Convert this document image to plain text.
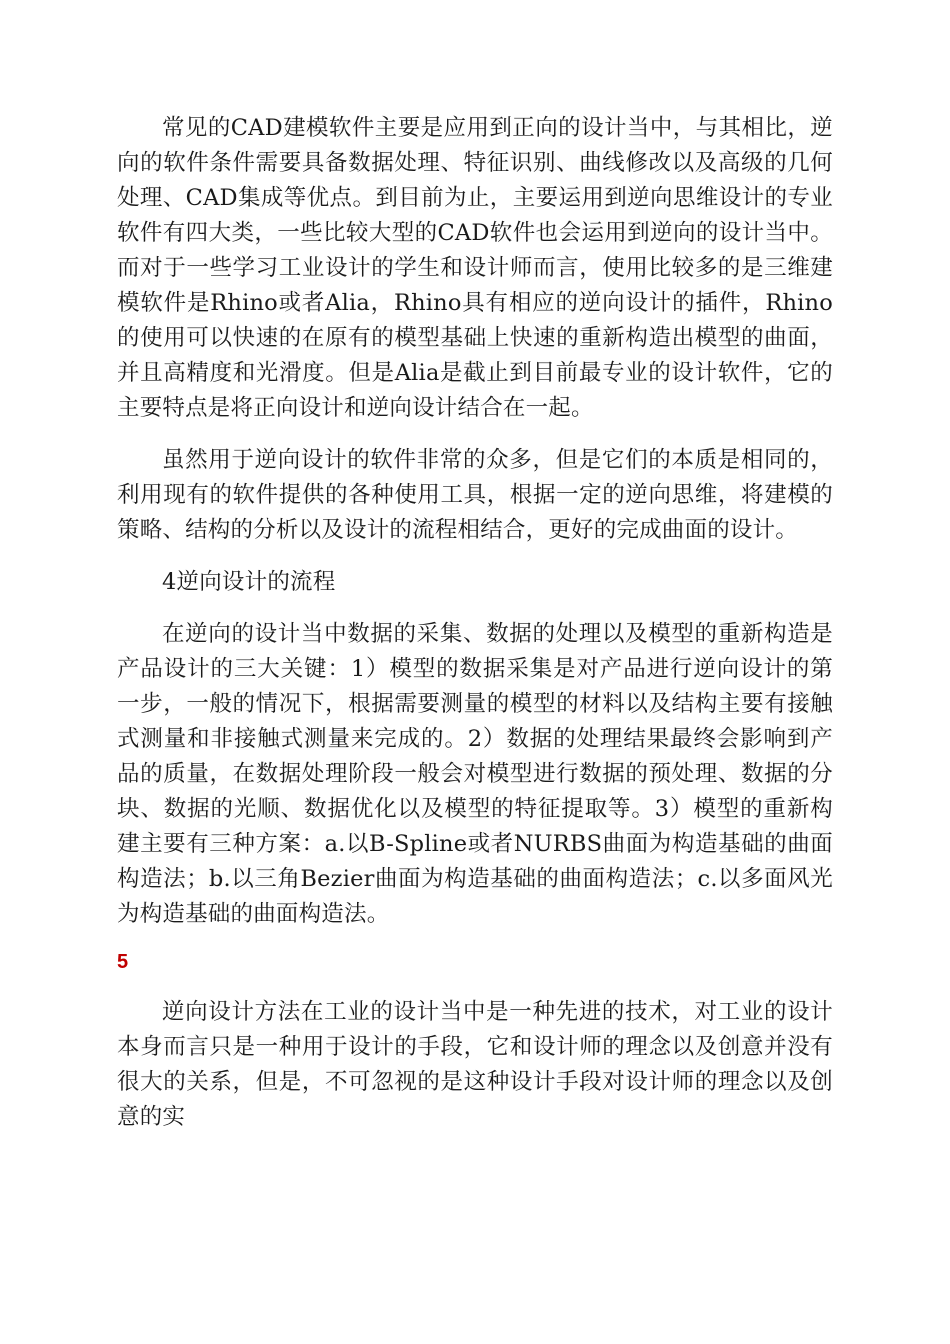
常见的CAD建模软件主要是应用到正向的设计当中，与其相比，逆向的软件条件需要具备数据处理、特征识别、曲线修改以及高级的几何处理、CAD集成等优点。到目前为止，主要运用到逆向思维设计的专业软件有四大类，一些比较大型的CAD软件也会运用到逆向的设计当中。而对于一些学习工业设计的学生和设计师而言，使用比较多的是三维建模软件是Rhino或者Alia，Rhino具有相应的逆向设计的插件，Rhino的使用可以快速的在原有的模型基础上快速的重新构造出模型的曲面，并且高精度和光滑度。但是Alia是截止到目前最专业的设计软件，它的主要特点是将正向设计和逆向设计结合在一起。

虽然用于逆向设计的软件非常的众多，但是它们的本质是相同的，利用现有的软件提供的各种使用工具，根据一定的逆向思维，将建模的策略、结构的分析以及设计的流程相结合，更好的完成曲面的设计。

4逆向设计的流程

在逆向的设计当中数据的采集、数据的处理以及模型的重新构造是产品设计的三大关键：1）模型的数据采集是对产品进行逆向设计的第一步，一般的情况下，根据需要测量的模型的材料以及结构主要有接触式测量和非接触式测量来完成的。2）数据的处理结果最终会影响到产品的质量，在数据处理阶段一般会对模型进行数据的预处理、数据的分块、数据的光顺、数据优化以及模型的特征提取等。3）模型的重新构建主要有三种方案：a.以B-Spline或者NURBS曲面为构造基础的曲面构造法；b.以三角Bezier曲面为构造基础的曲面构造法；c.以多面风光为构造基础的曲面构造法。

5

逆向设计方法在工业的设计当中是一种先进的技术，对工业的设计本身而言只是一种用于设计的手段，它和设计师的理念以及创意并没有很大的关系，但是，不可忽视的是这种设计手段对设计师的理念以及创意的实
